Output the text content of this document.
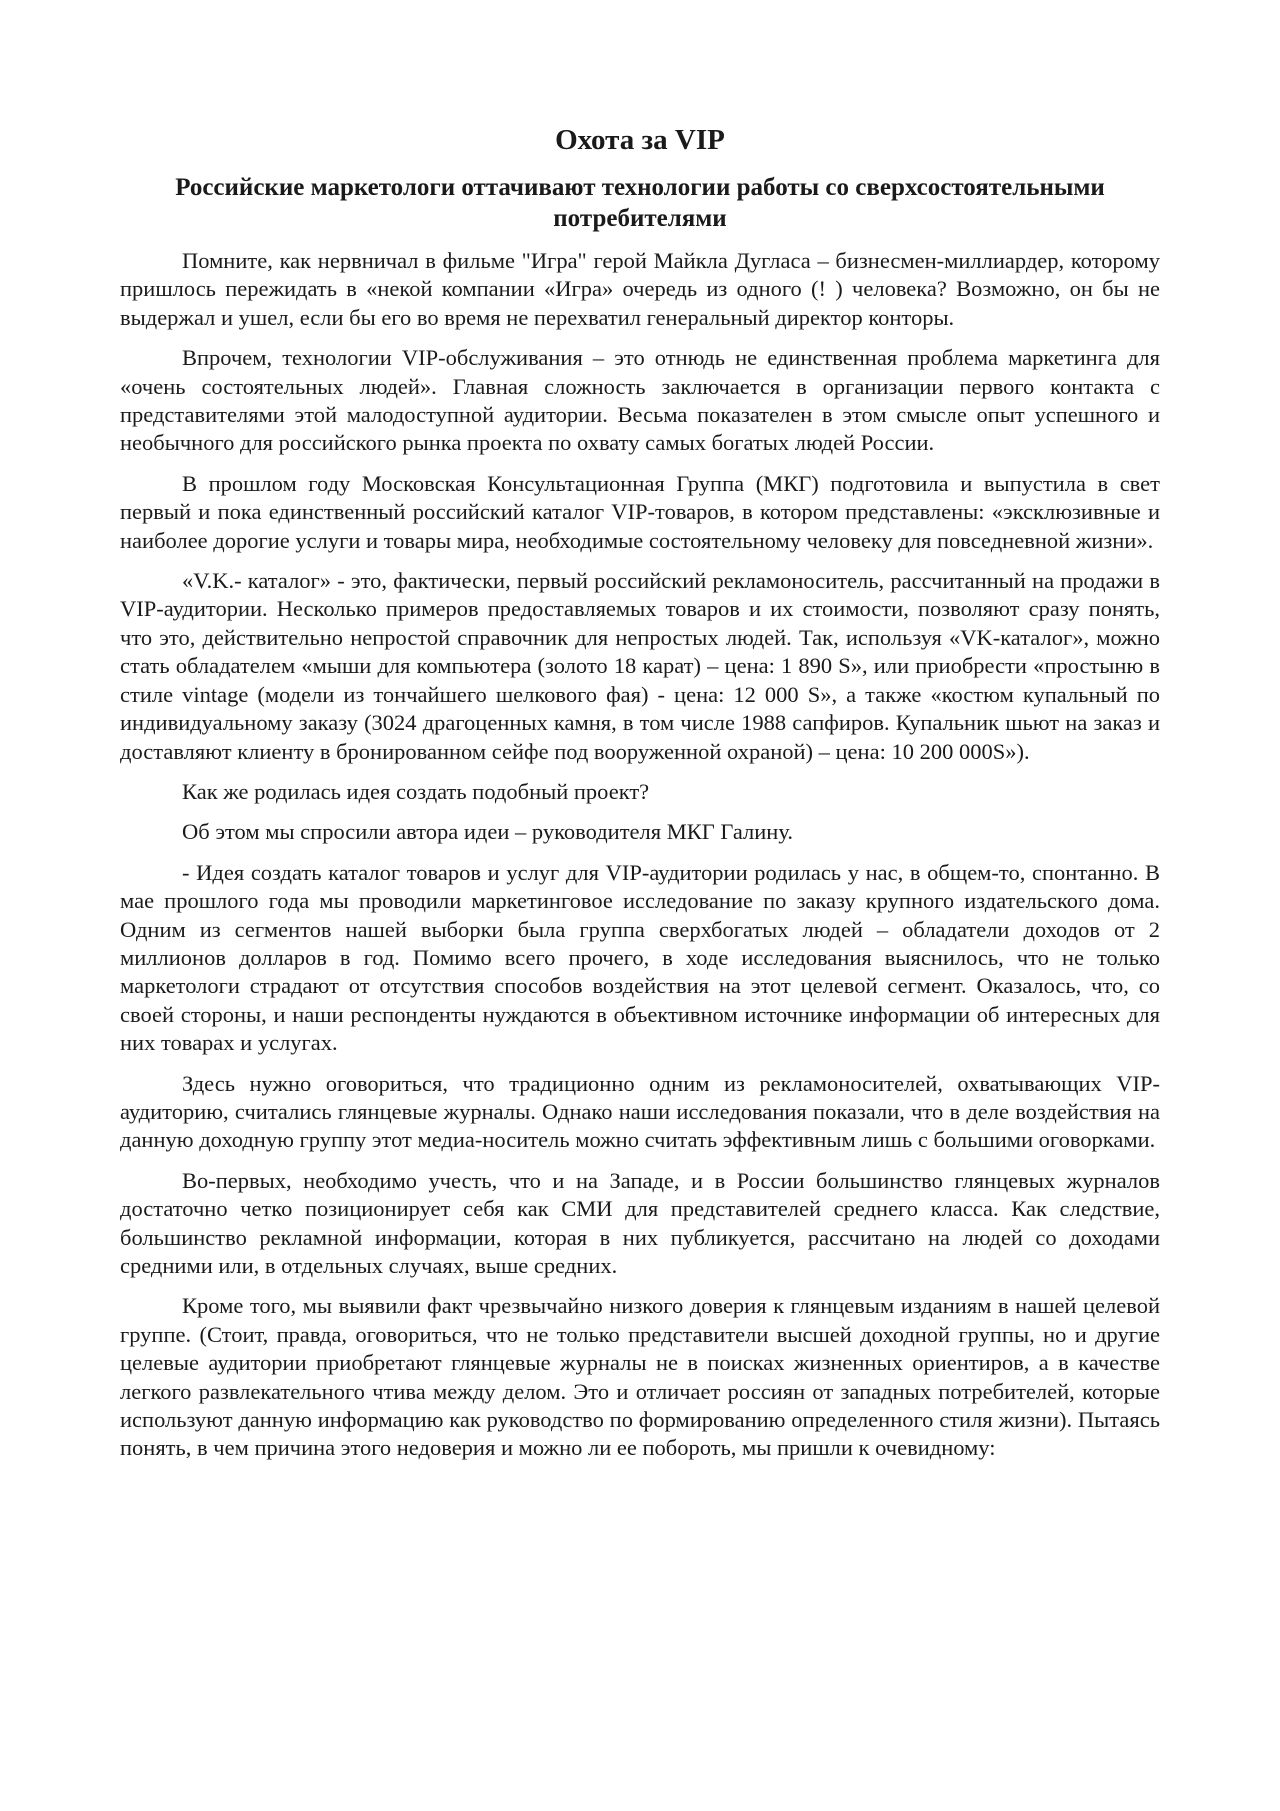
Охота за VIP
Российские маркетологи оттачивают технологии работы со сверхсостоятельными потребителями

Помните, как нервничал в фильме "Игра" герой Майкла Дугласа – бизнесмен-миллиардер, которому пришлось пережидать в «некой компании «Игра» очередь из одного (! ) человека? Возможно, он бы не выдержал и ушел, если бы его во время не перехватил генеральный директор конторы.

Впрочем, технологии VIP-обслуживания – это отнюдь не единственная проблема маркетинга для «очень состоятельных людей». Главная сложность заключается в организации первого контакта с представителями этой малодоступной аудитории. Весьма показателен в этом смысле опыт успешного и необычного для российского рынка проекта по охвату самых богатых людей России.

В прошлом году Московская Консультационная Группа (МКГ) подготовила и выпустила в свет первый и пока единственный российский каталог VIP-товаров, в котором представлены: «эксклюзивные и наиболее дорогие услуги и товары мира, необходимые состоятельному человеку для повседневной жизни».

«V.K.- каталог» - это, фактически, первый российский рекламоноситель, рассчитанный на продажи в VIP-аудитории. Несколько примеров предоставляемых товаров и их стоимости, позволяют сразу понять, что это, действительно непростой справочник для непростых людей. Так, используя «VK-каталог», можно стать обладателем «мыши для компьютера (золото 18 карат) – цена: 1 890 S», или приобрести «простыню в стиле vintage (модели из тончайшего шелкового фая) - цена: 12 000 S», а также «костюм купальный по индивидуальному заказу (3024 драгоценных камня, в том числе 1988 сапфиров. Купальник шьют на заказ и доставляют клиенту в бронированном сейфе под вооруженной охраной) – цена: 10 200 000S»).

Как же родилась идея создать подобный проект?

Об этом мы спросили автора идеи – руководителя МКГ Галину.

- Идея создать каталог товаров и услуг для VIP-аудитории родилась у нас, в общем-то, спонтанно. В мае прошлого года мы проводили маркетинговое исследование по заказу крупного издательского дома. Одним из сегментов нашей выборки была группа сверхбогатых людей – обладатели доходов от 2 миллионов долларов в год. Помимо всего прочего, в ходе исследования выяснилось, что не только маркетологи страдают от отсутствия способов воздействия на этот целевой сегмент. Оказалось, что, со своей стороны, и наши респонденты нуждаются в объективном источнике информации об интересных для них товарах и услугах.

Здесь нужно оговориться, что традиционно одним из рекламоносителей, охватывающих VIP-аудиторию, считались глянцевые журналы. Однако наши исследования показали, что в деле воздействия на данную доходную группу этот медиа-носитель можно считать эффективным лишь с большими оговорками.

Во-первых, необходимо учесть, что и на Западе, и в России большинство глянцевых журналов достаточно четко позиционирует себя как СМИ для представителей среднего класса. Как следствие, большинство рекламной информации, которая в них публикуется, рассчитано на людей со доходами средними или, в отдельных случаях, выше средних.

Кроме того, мы выявили факт чрезвычайно низкого доверия к глянцевым изданиям в нашей целевой группе. (Стоит, правда, оговориться, что не только представители высшей доходной группы, но и другие целевые аудитории приобретают глянцевые журналы не в поисках жизненных ориентиров, а в качестве легкого развлекательного чтива между делом. Это и отличает россиян от западных потребителей, которые используют данную информацию как руководство по формированию определенного стиля жизни). Пытаясь понять, в чем причина этого недоверия и можно ли ее побороть, мы пришли к очевидному:
